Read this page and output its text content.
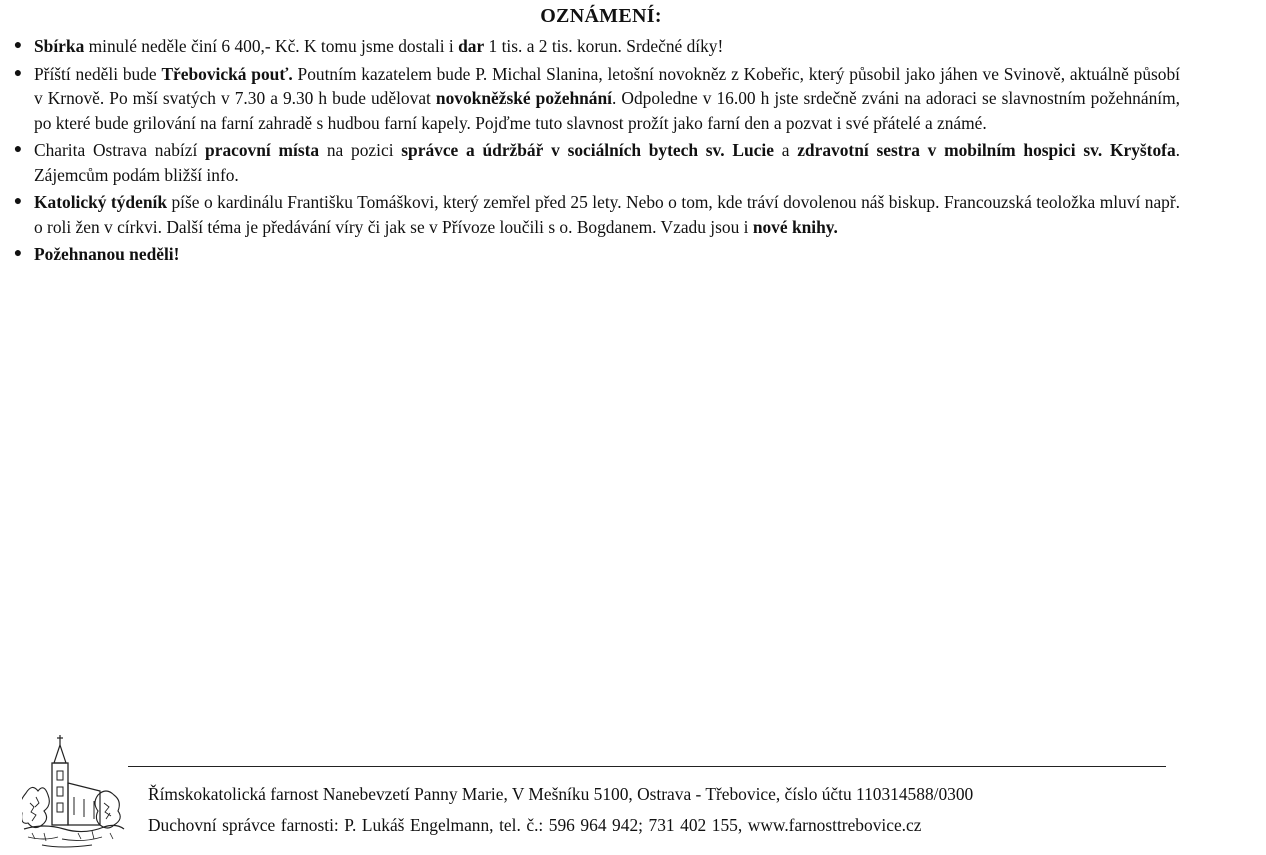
OZNÁMENÍ:
● Sbírka minulé neděle činí 6 400,- Kč. K tomu jsme dostali i dar 1 tis. a 2 tis. korun. Srdečné díky!
● Příští neděli bude Třebovická pouť. Poutním kazatelem bude P. Michal Slanina, letošní novokněz z Kobeřic, který působil jako jáhen ve Svinově, aktuálně působí v Krnově. Po mší svatých v 7.30 a 9.30 h bude udělovat novokněžské požehnání. Odpoledne v 16.00 h jste srdečně zváni na adoraci se slavnostním požehnáním, po které bude grilování na farní zahradě s hudbou farní kapely. Pojďme tuto slavnost prožít jako farní den a pozvat i své přátelé a známé.
● Charita Ostrava nabízí pracovní místa na pozici správce a údržbář v sociálních bytech sv. Lucie a zdravotní sestra v mobilním hospici sv. Kryštofa. Zájemcům podám bližší info.
● Katolický týdeník píše o kardinálu Františku Tomáškovi, který zemřel před 25 lety. Nebo o tom, kde tráví dovolenou náš biskup. Francouzská teoložka mluví např. o roli žen v církvi. Další téma je předávání víry či jak se v Přívoze loučili s o. Bogdanem. Vzadu jsou i nové knihy.
● Požehnanou neděli!
Římskokatolická farnost Nanebevzetí Panny Marie, V Mešníku 5100, Ostrava - Třebovice, číslo účtu 110314588/0300
Duchovní správce farnosti: P. Lukáš Engelmann, tel. č.: 596 964 942; 731 402 155, www.farnosttrebovice.cz
